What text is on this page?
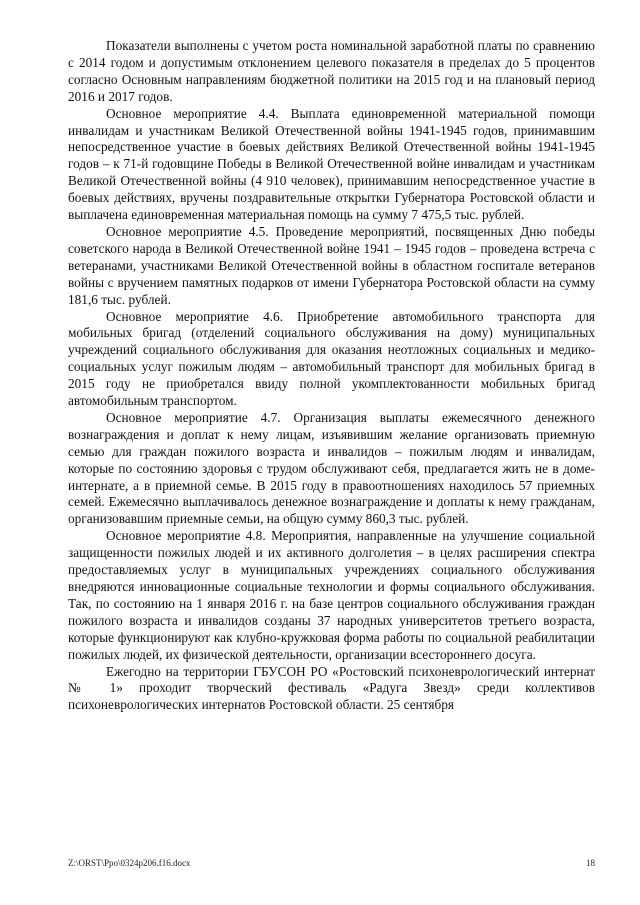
Показатели выполнены с учетом роста номинальной заработной платы по сравнению с 2014 годом и допустимым отклонением целевого показателя в пределах до 5 процентов согласно Основным направлениям бюджетной политики на 2015 год и на плановый период 2016 и 2017 годов.

Основное мероприятие 4.4. Выплата единовременной материальной помощи инвалидам и участникам Великой Отечественной войны 1941-1945 годов, принимавшим непосредственное участие в боевых действиях Великой Отечественной войны 1941-1945 годов – к 71-й годовщине Победы в Великой Отечественной войне инвалидам и участникам Великой Отечественной войны (4 910 человек), принимавшим непосредственное участие в боевых действиях, вручены поздравительные открытки Губернатора Ростовской области и выплачена единовременная материальная помощь на сумму 7 475,5 тыс. рублей.

Основное мероприятие 4.5. Проведение мероприятий, посвященных Дню победы советского народа в Великой Отечественной войне 1941 – 1945 годов – проведена встреча с ветеранами, участниками Великой Отечественной войны в областном госпитале ветеранов войны с вручением памятных подарков от имени Губернатора Ростовской области на сумму 181,6 тыс. рублей.

Основное мероприятие 4.6. Приобретение автомобильного транспорта для мобильных бригад (отделений социального обслуживания на дому) муниципальных учреждений социального обслуживания для оказания неотложных социальных и медико-социальных услуг пожилым людям – автомобильный транспорт для мобильных бригад в 2015 году не приобретался ввиду полной укомплектованности мобильных бригад автомобильным транспортом.

Основное мероприятие 4.7. Организация выплаты ежемесячного денежного вознаграждения и доплат к нему лицам, изъявившим желание организовать приемную семью для граждан пожилого возраста и инвалидов – пожилым людям и инвалидам, которые по состоянию здоровья с трудом обслуживают себя, предлагается жить не в доме-интернате, а в приемной семье. В 2015 году в правоотношениях находилось 57 приемных семей. Ежемесячно выплачивалось денежное вознаграждение и доплаты к нему гражданам, организовавшим приемные семьи, на общую сумму 860,3 тыс. рублей.

Основное мероприятие 4.8. Мероприятия, направленные на улучшение социальной защищенности пожилых людей и их активного долголетия – в целях расширения спектра предоставляемых услуг в муниципальных учреждениях социального обслуживания внедряются инновационные социальные технологии и формы социального обслуживания. Так, по состоянию на 1 января 2016 г. на базе центров социального обслуживания граждан пожилого возраста и инвалидов созданы 37 народных университетов третьего возраста, которые функционируют как клубно-кружковая форма работы по социальной реабилитации пожилых людей, их физической деятельности, организации всестороннего досуга.

Ежегодно на территории ГБУСОН РО «Ростовский психоневрологический интернат № 1» проходит творческий фестиваль «Радуга Звезд» среди коллективов психоневрологических интернатов Ростовской области. 25 сентября

Z:\ORST\Ppo\0324p206.f16.docx	18
